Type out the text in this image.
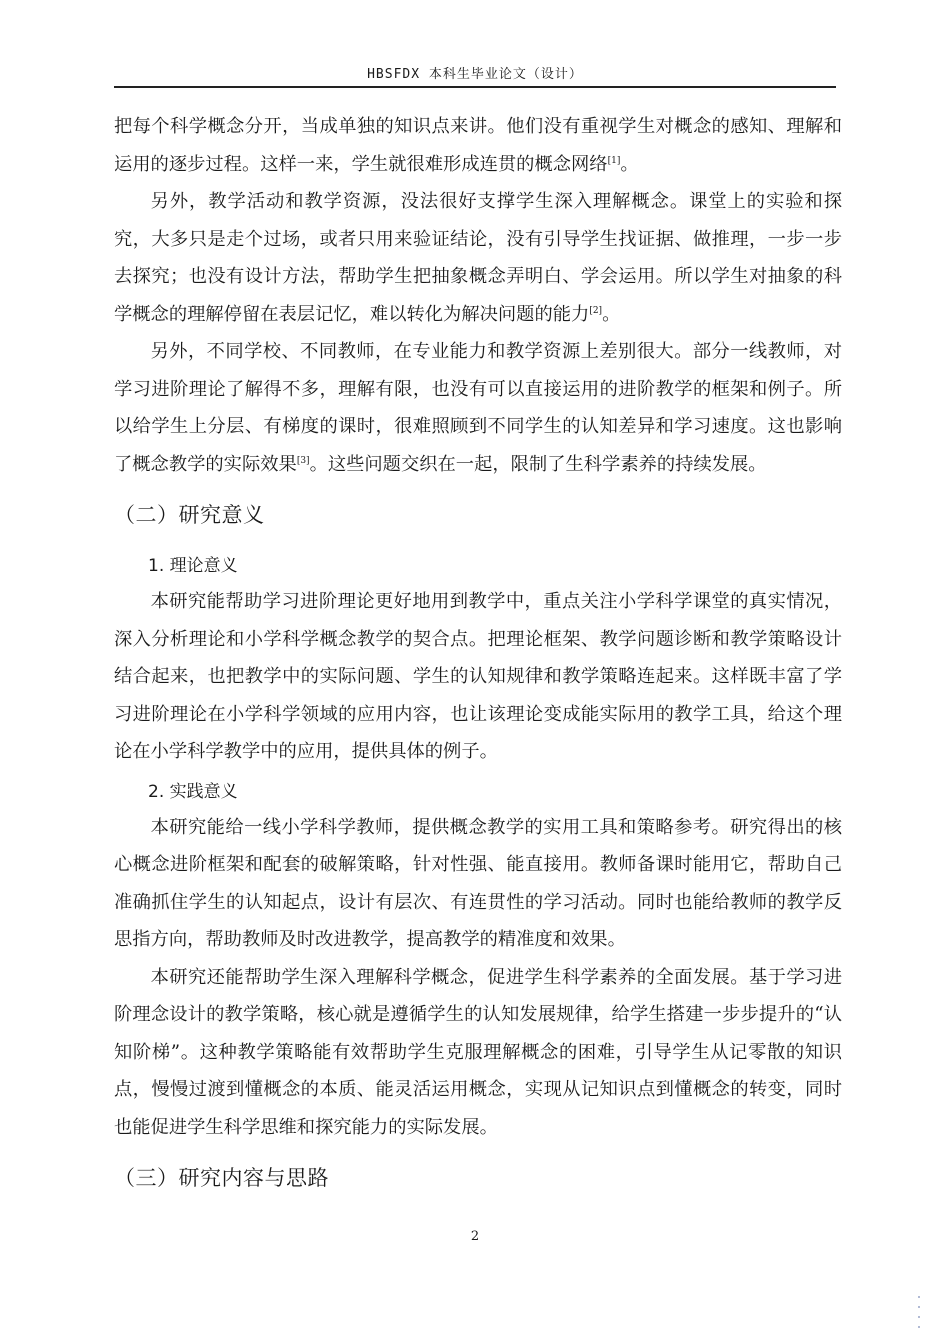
HBSFDX 本科生毕业论文（设计）

把每个科学概念分开，当成单独的知识点来讲。他们没有重视学生对概念的感知、理解和运用的逐步过程。这样一来，学生就很难形成连贯的概念网络[1]。

另外，教学活动和教学资源，没法很好支撑学生深入理解概念。课堂上的实验和探究，大多只是走个过场，或者只用来验证结论，没有引导学生找证据、做推理，一步一步去探究；也没有设计方法，帮助学生把抽象概念弄明白、学会运用。所以学生对抽象的科学概念的理解停留在表层记忆，难以转化为解决问题的能力[2]。

另外，不同学校、不同教师，在专业能力和教学资源上差别很大。部分一线教师，对学习进阶理论了解得不多，理解有限，也没有可以直接运用的进阶教学的框架和例子。所以给学生上分层、有梯度的课时，很难照顾到不同学生的认知差异和学习速度。这也影响了概念教学的实际效果[3]。这些问题交织在一起，限制了生科学素养的持续发展。

（二）研究意义
1. 理论意义

本研究能帮助学习进阶理论更好地用到教学中，重点关注小学科学课堂的真实情况，深入分析理论和小学科学概念教学的契合点。把理论框架、教学问题诊断和教学策略设计结合起来，也把教学中的实际问题、学生的认知规律和教学策略连起来。这样既丰富了学习进阶理论在小学科学领域的应用内容，也让该理论变成能实际用的教学工具，给这个理论在小学科学教学中的应用，提供具体的例子。

2. 实践意义

本研究能给一线小学科学教师，提供概念教学的实用工具和策略参考。研究得出的核心概念进阶框架和配套的破解策略，针对性强、能直接用。教师备课时能用它，帮助自己准确抓住学生的认知起点，设计有层次、有连贯性的学习活动。同时也能给教师的教学反思指方向，帮助教师及时改进教学，提高教学的精准度和效果。

本研究还能帮助学生深入理解科学概念，促进学生科学素养的全面发展。基于学习进阶理念设计的教学策略，核心就是遵循学生的认知发展规律，给学生搭建一步步提升的“认知阶梯”。这种教学策略能有效帮助学生克服理解概念的困难，引导学生从记零散的知识点，慢慢过渡到懂概念的本质、能灵活运用概念，实现从记知识点到懂概念的转变，同时也能促进学生科学思维和探究能力的实际发展。

（三）研究内容与思路
2
